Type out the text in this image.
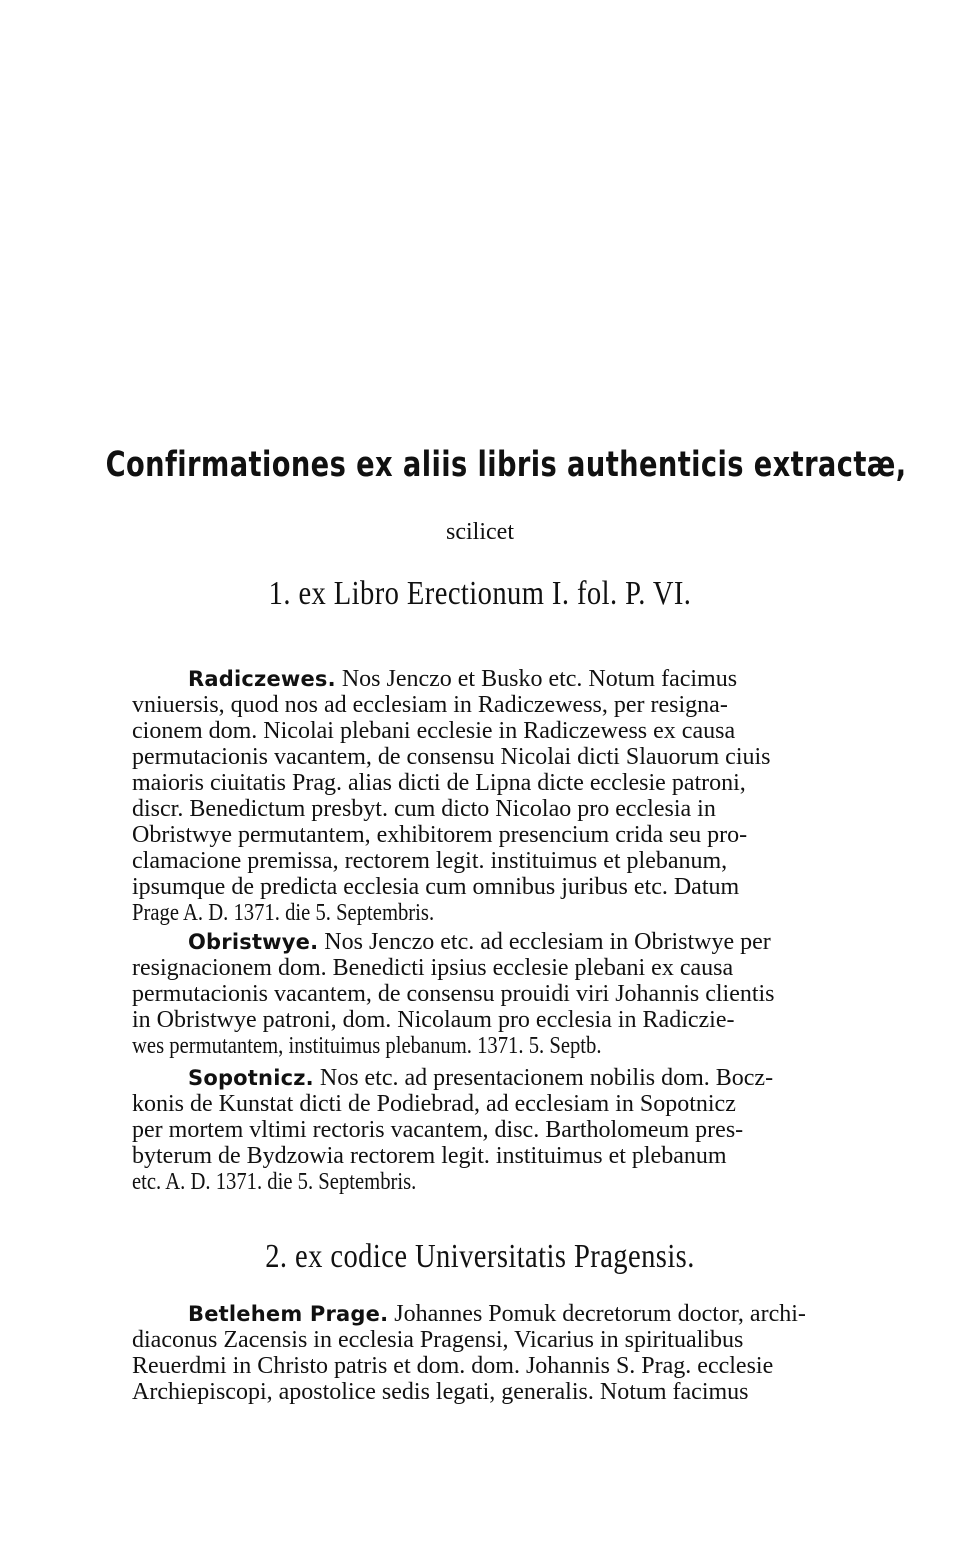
Confirmationes ex aliis libris authenticis extractæ,
scilicet
1. ex Libro Erectionum I. fol. P. VI.
Radiczewes. Nos Jenczo et Busko etc. Notum facimus
vniuersis, quod nos ad ecclesiam in Radiczewess, per resigna-
cionem dom. Nicolai plebani ecclesie in Radiczewess ex causa
permutacionis vacantem, de consensu Nicolai dicti Slauorum ciuis
maioris ciuitatis Prag. alias dicti de Lipna dicte ecclesie patroni,
discr. Benedictum presbyt. cum dicto Nicolao pro ecclesia in
Obristwye permutantem, exhibitorem presencium crida seu pro-
clamacione premissa, rectorem legit. instituimus et plebanum,
ipsumque de predicta ecclesia cum omnibus juribus etc. Datum
Prage A. D. 1371. die 5. Septembris.
Obristwye. Nos Jenczo etc. ad ecclesiam in Obristwye per
resignacionem dom. Benedicti ipsius ecclesie plebani ex causa
permutacionis vacantem, de consensu prouidi viri Johannis clientis
in Obristwye patroni, dom. Nicolaum pro ecclesia in Radiczie-
wes permutantem, instituimus plebanum. 1371. 5. Septb.
Sopotnicz. Nos etc. ad presentacionem nobilis dom. Bocz-
konis de Kunstat dicti de Podiebrad, ad ecclesiam in Sopotnicz
per mortem vltimi rectoris vacantem, disc. Bartholomeum pres-
byterum de Bydzowia rectorem legit. instituimus et plebanum
etc. A. D. 1371. die 5. Septembris.
2. ex codice Universitatis Pragensis.
Betlehem Prage. Johannes Pomuk decretorum doctor, archi-
diaconus Zacensis in ecclesia Pragensi, Vicarius in spiritualibus
Reuerdmi in Christo patris et dom. dom. Johannis S. Prag. ecclesie
Archiepiscopi, apostolice sedis legati, generalis. Notum facimus
